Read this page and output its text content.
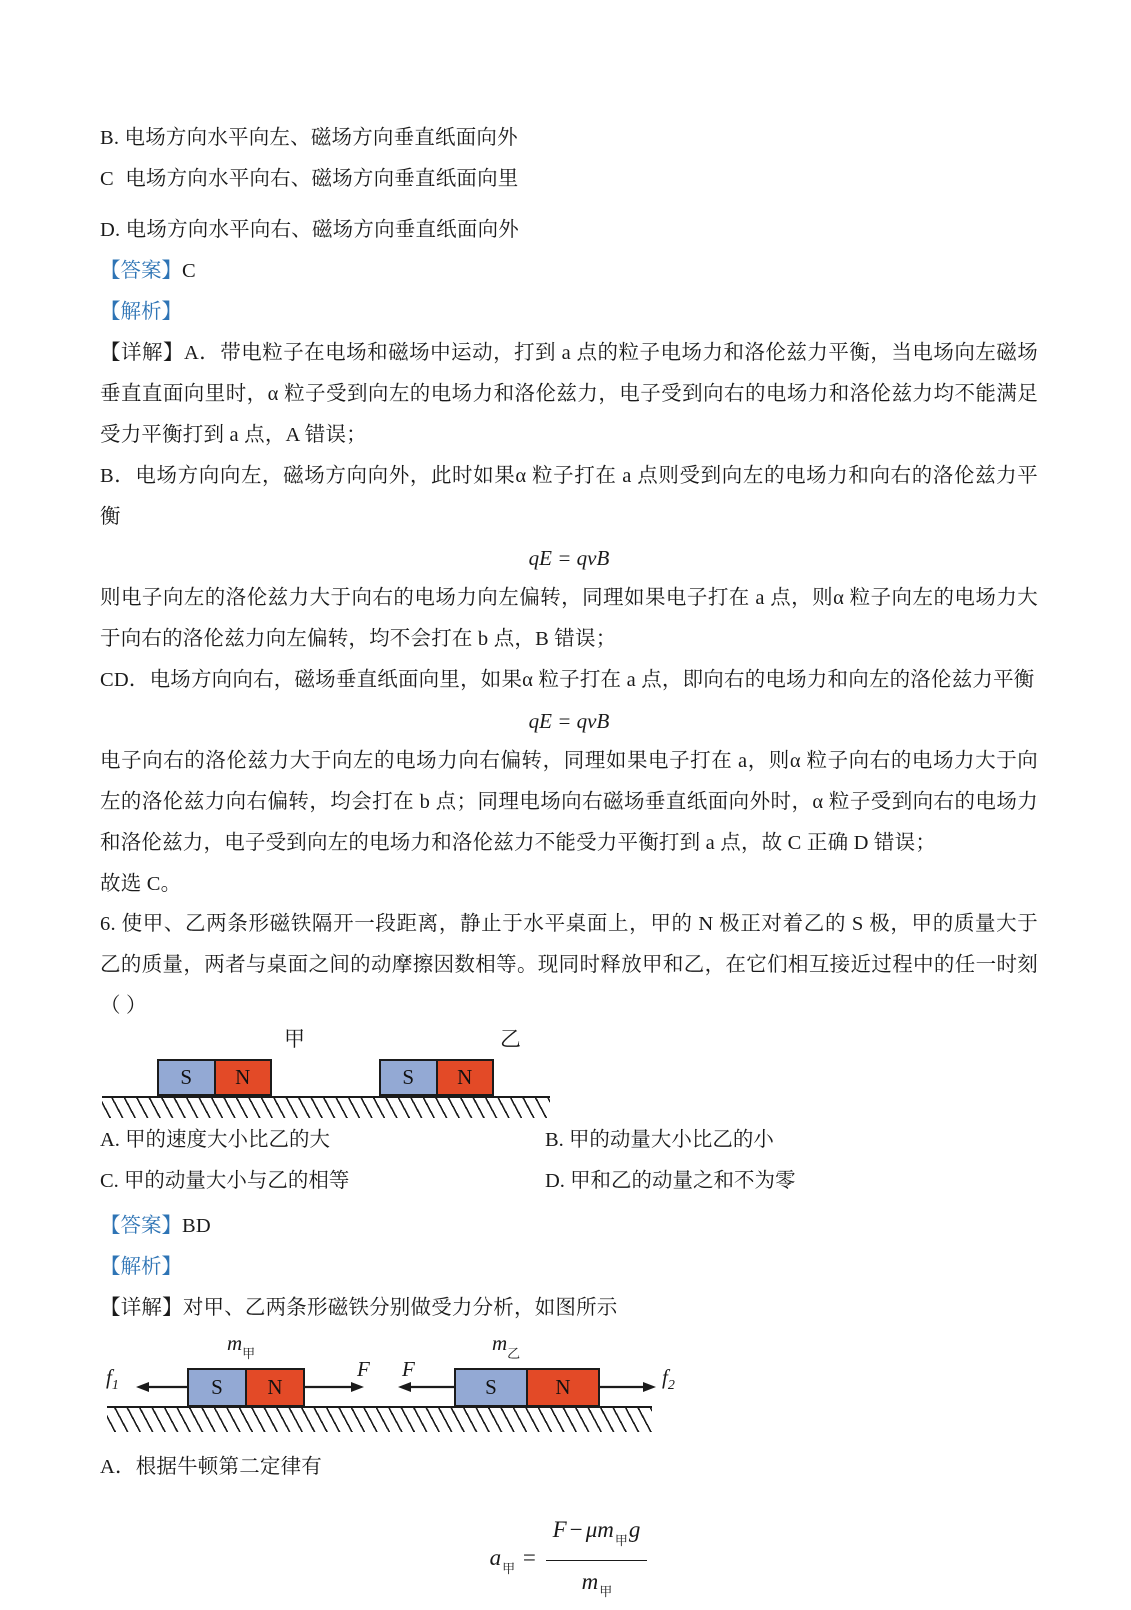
B. 电场方向水平向左、磁场方向垂直纸面向外

C 电场方向水平向右、磁场方向垂直纸面向里

D. 电场方向水平向右、磁场方向垂直纸面向外

【答案】C

【解析】

【详解】A．带电粒子在电场和磁场中运动，打到 a 点的粒子电场力和洛伦兹力平衡，当电场向左磁场垂直直面向里时，α 粒子受到向左的电场力和洛伦兹力，电子受到向右的电场力和洛伦兹力均不能满足受力平衡打到 a 点，A 错误；

B．电场方向向左，磁场方向向外，此时如果α 粒子打在 a 点则受到向左的电场力和向右的洛伦兹力平衡

qE = qvB

则电子向左的洛伦兹力大于向右的电场力向左偏转，同理如果电子打在 a 点，则α 粒子向左的电场力大于向右的洛伦兹力向左偏转，均不会打在 b 点，B 错误；

CD．电场方向向右，磁场垂直纸面向里，如果α 粒子打在 a 点，即向右的电场力和向左的洛伦兹力平衡

qE = qvB

电子向右的洛伦兹力大于向左的电场力向右偏转，同理如果电子打在 a，则α 粒子向右的电场力大于向左的洛伦兹力向右偏转，均会打在 b 点；同理电场向右磁场垂直纸面向外时，α 粒子受到向右的电场力和洛伦兹力，电子受到向左的电场力和洛伦兹力不能受力平衡打到 a 点，故 C 正确 D 错误；

故选 C。

6. 使甲、乙两条形磁铁隔开一段距离，静止于水平桌面上，甲的 N 极正对着乙的 S 极，甲的质量大于乙的质量，两者与桌面之间的动摩擦因数相等。现同时释放甲和乙，在它们相互接近过程中的任一时刻（ ）

甲	乙
S	N	S	N
A. 甲的速度大小比乙的大	B. 甲的动量大小比乙的小
C. 甲的动量大小与乙的相等	D. 甲和乙的动量之和不为零

【答案】BD

【解析】

【详解】对甲、乙两条形磁铁分别做受力分析，如图所示

$m_甲$	$m_乙$
$f_1$
F F	$f_2$
S	N	S	N

A．根据牛顿第二定律有

$a_甲 = \frac{F - \mu m_甲g}{m_甲}$
